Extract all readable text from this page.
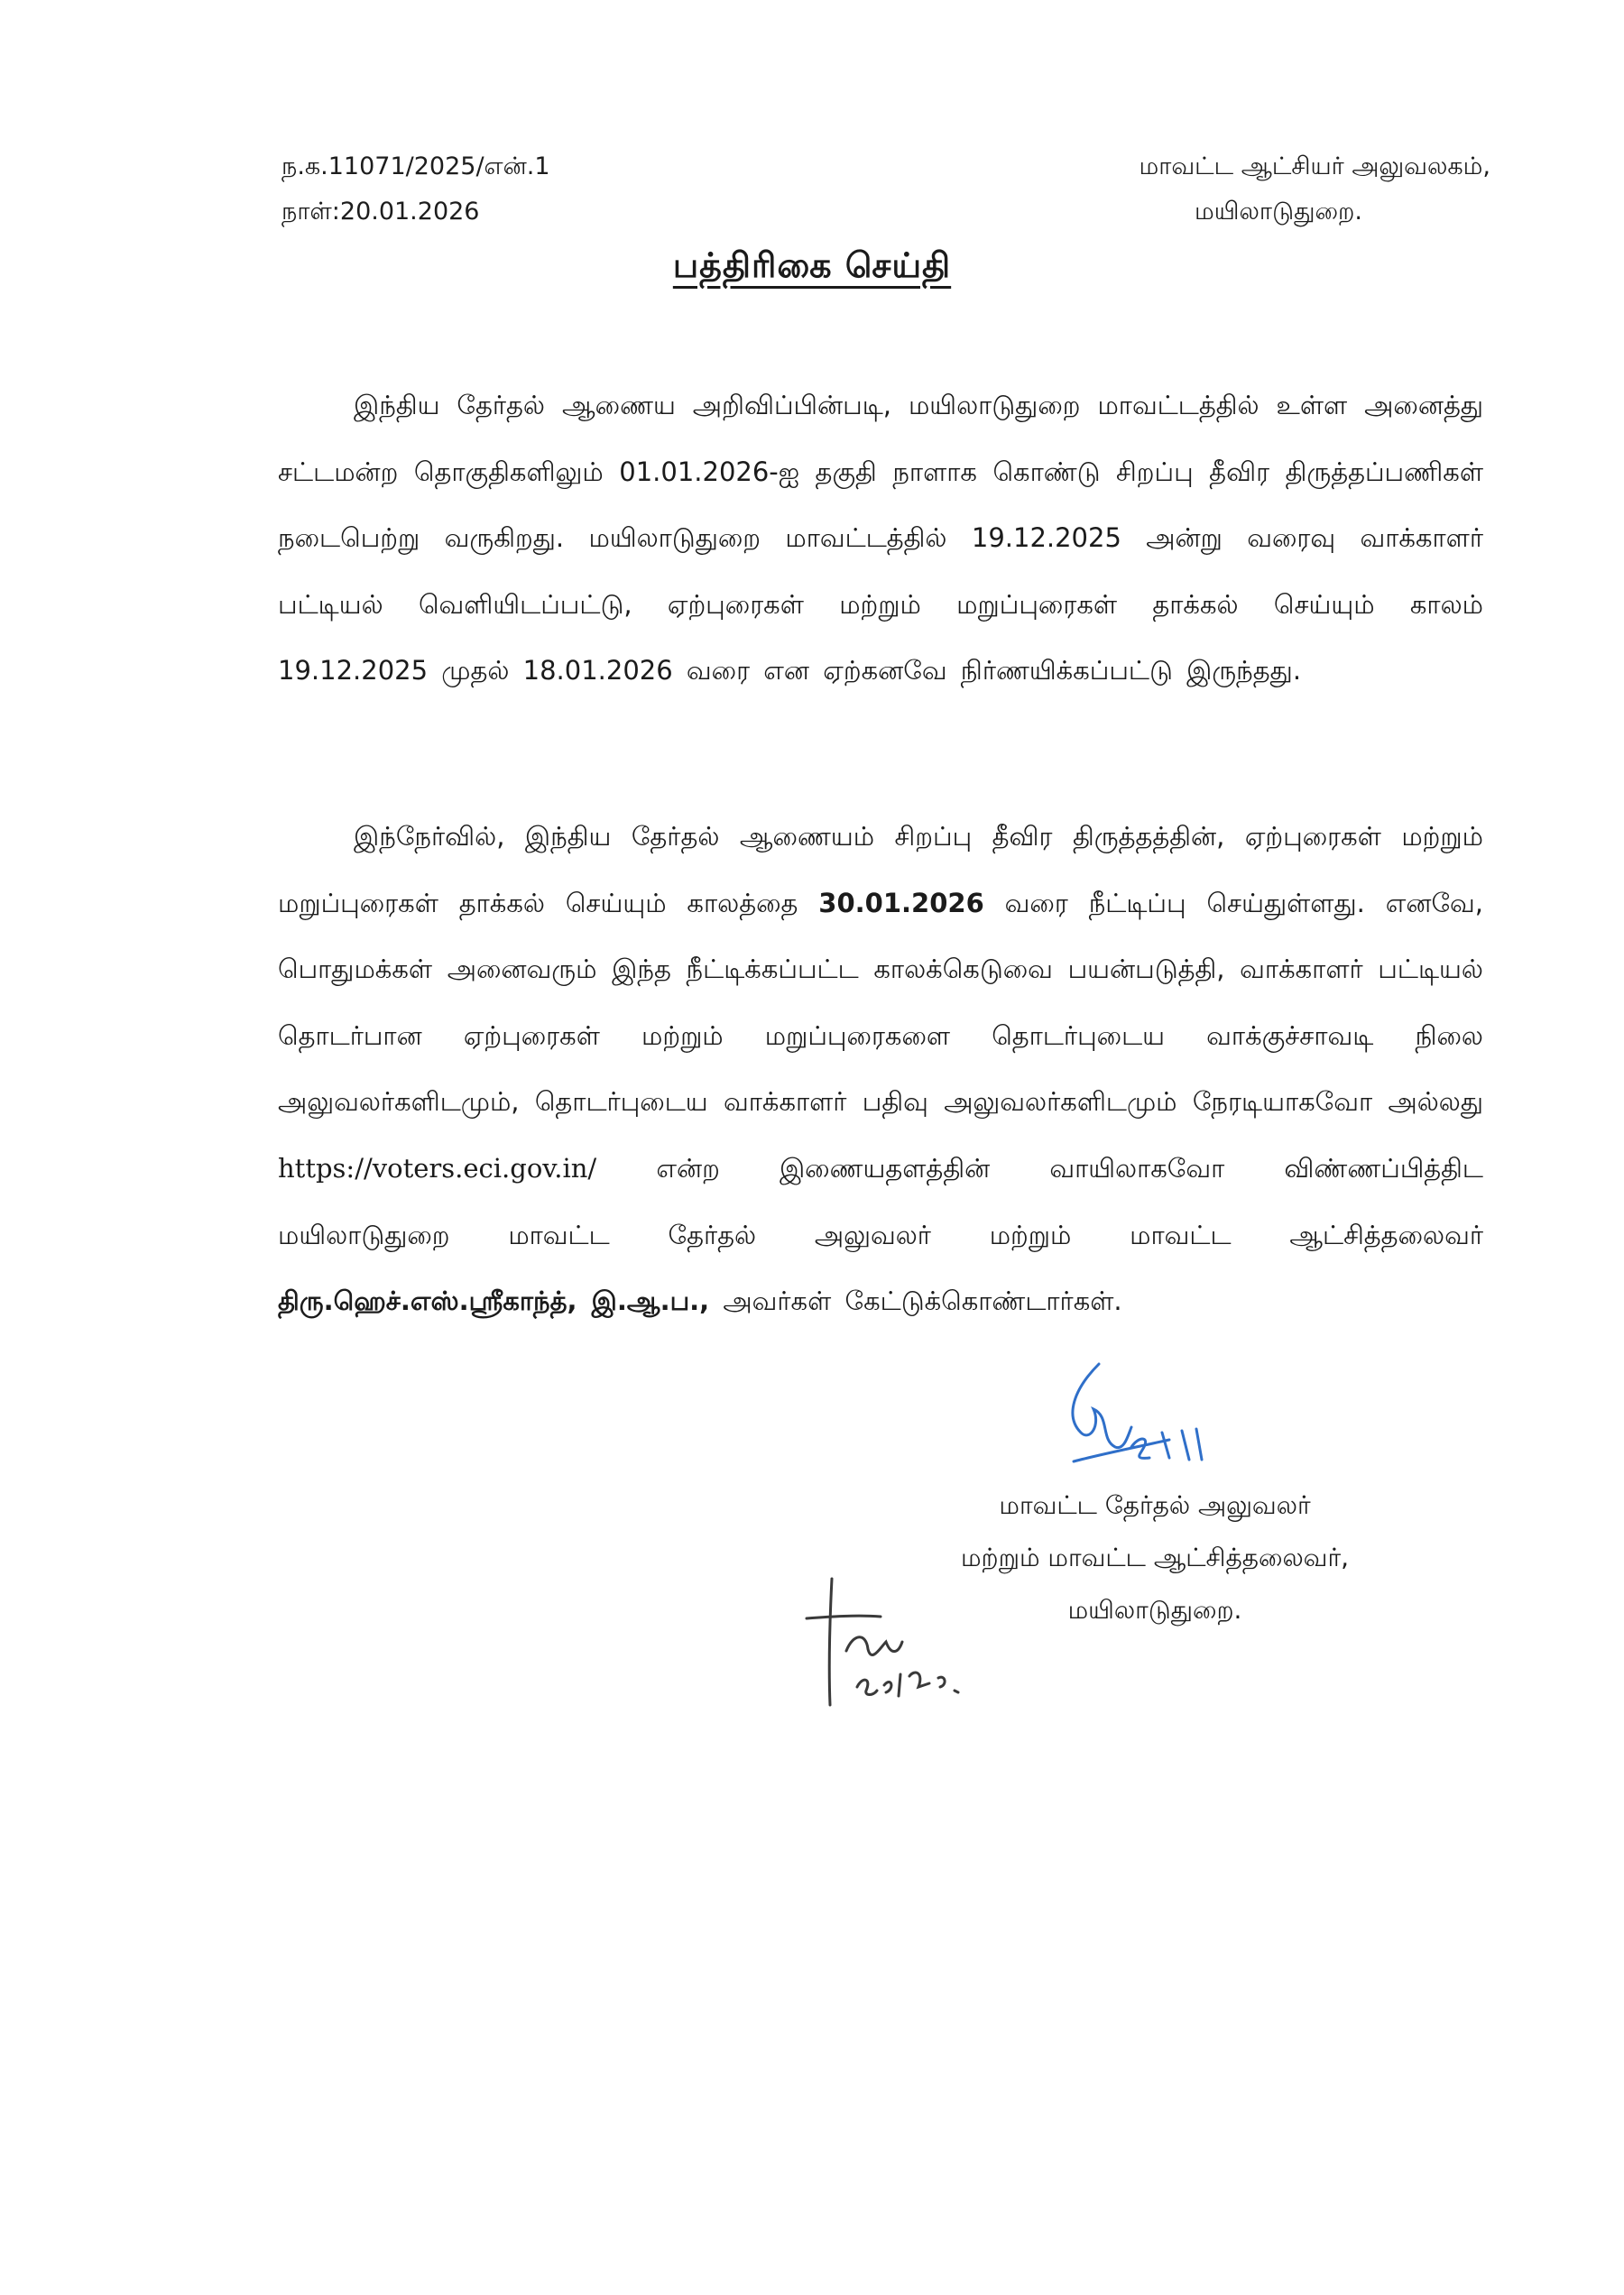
ந.க.11071/2025/என்.1
நாள்:20.01.2026
மாவட்ட ஆட்சியர் அலுவலகம்,
மயிலாடுதுறை.
பத்திரிகை செய்தி

இந்திய தேர்தல் ஆணைய அறிவிப்பின்படி, மயிலாடுதுறை மாவட்டத்தில் உள்ள அனைத்து சட்டமன்ற தொகுதிகளிலும் 01.01.2026-ஐ தகுதி நாளாக கொண்டு சிறப்பு தீவிர திருத்தப்பணிகள் நடைபெற்று வருகிறது. மயிலாடுதுறை மாவட்டத்தில் 19.12.2025 அன்று வரைவு வாக்காளர் பட்டியல் வெளியிடப்பட்டு, ஏற்புரைகள் மற்றும் மறுப்புரைகள் தாக்கல் செய்யும் காலம் 19.12.2025 முதல் 18.01.2026 வரை என ஏற்கனவே நிர்ணயிக்கப்பட்டு இருந்தது.

இந்நேர்வில், இந்திய தேர்தல் ஆணையம் சிறப்பு தீவிர திருத்தத்தின், ஏற்புரைகள் மற்றும் மறுப்புரைகள் தாக்கல் செய்யும் காலத்தை 30.01.2026 வரை நீட்டிப்பு செய்துள்ளது. எனவே, பொதுமக்கள் அனைவரும் இந்த நீட்டிக்கப்பட்ட காலக்கெடுவை பயன்படுத்தி, வாக்காளர் பட்டியல் தொடர்பான ஏற்புரைகள் மற்றும் மறுப்புரைகளை தொடர்புடைய வாக்குச்சாவடி நிலை அலுவலர்களிடமும், தொடர்புடைய வாக்காளர் பதிவு அலுவலர்களிடமும் நேரடியாகவோ அல்லது https://voters.eci.gov.in/ என்ற இணையதளத்தின் வாயிலாகவோ விண்ணப்பித்திட மயிலாடுதுறை மாவட்ட தேர்தல் அலுவலர் மற்றும் மாவட்ட ஆட்சித்தலைவர் திரு.ஹெச்.எஸ்.ஸ்ரீகாந்த், இ.ஆ.ப., அவர்கள் கேட்டுக்கொண்டார்கள்.

மாவட்ட தேர்தல் அலுவலர்
மற்றும் மாவட்ட ஆட்சித்தலைவர்,
மயிலாடுதுறை.
